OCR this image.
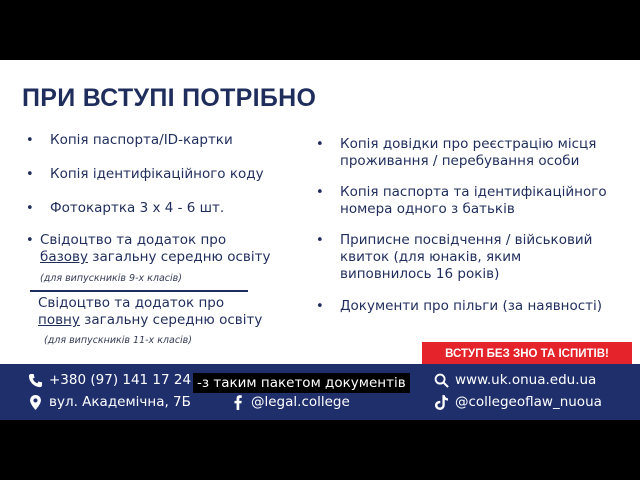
ПРИ ВСТУПІ ПОТРІБНО
• Копія паспорта/ID-картки
• Копія ідентифікаційного коду
• Фотокартка 3 х 4 - 6 шт.
• Свідоцтво та додаток про
базову загальну середню освіту
(для випускників 9-х класів)
Свідоцтво та додаток про
повну загальну середню освіту
(для випускників 11-х класів)
• Копія довідки про реєстрацію місця
проживання / перебування особи
• Копія паспорта та ідентифікаційного
номера одного з батьків
• Приписне посвідчення / військовий
квиток (для юнаків, яким
виповнилось 16 років)
• Документи про пільги (за наявності)
ВСТУП БЕЗ ЗНО ТА ІСПИТІВ!
+380 (97) 141 17 24
вул. Академічна, 7Б	@legal.college
www.uk.onua.edu.ua
@collegeoflaw_nuoua
-з таким пакетом документів
